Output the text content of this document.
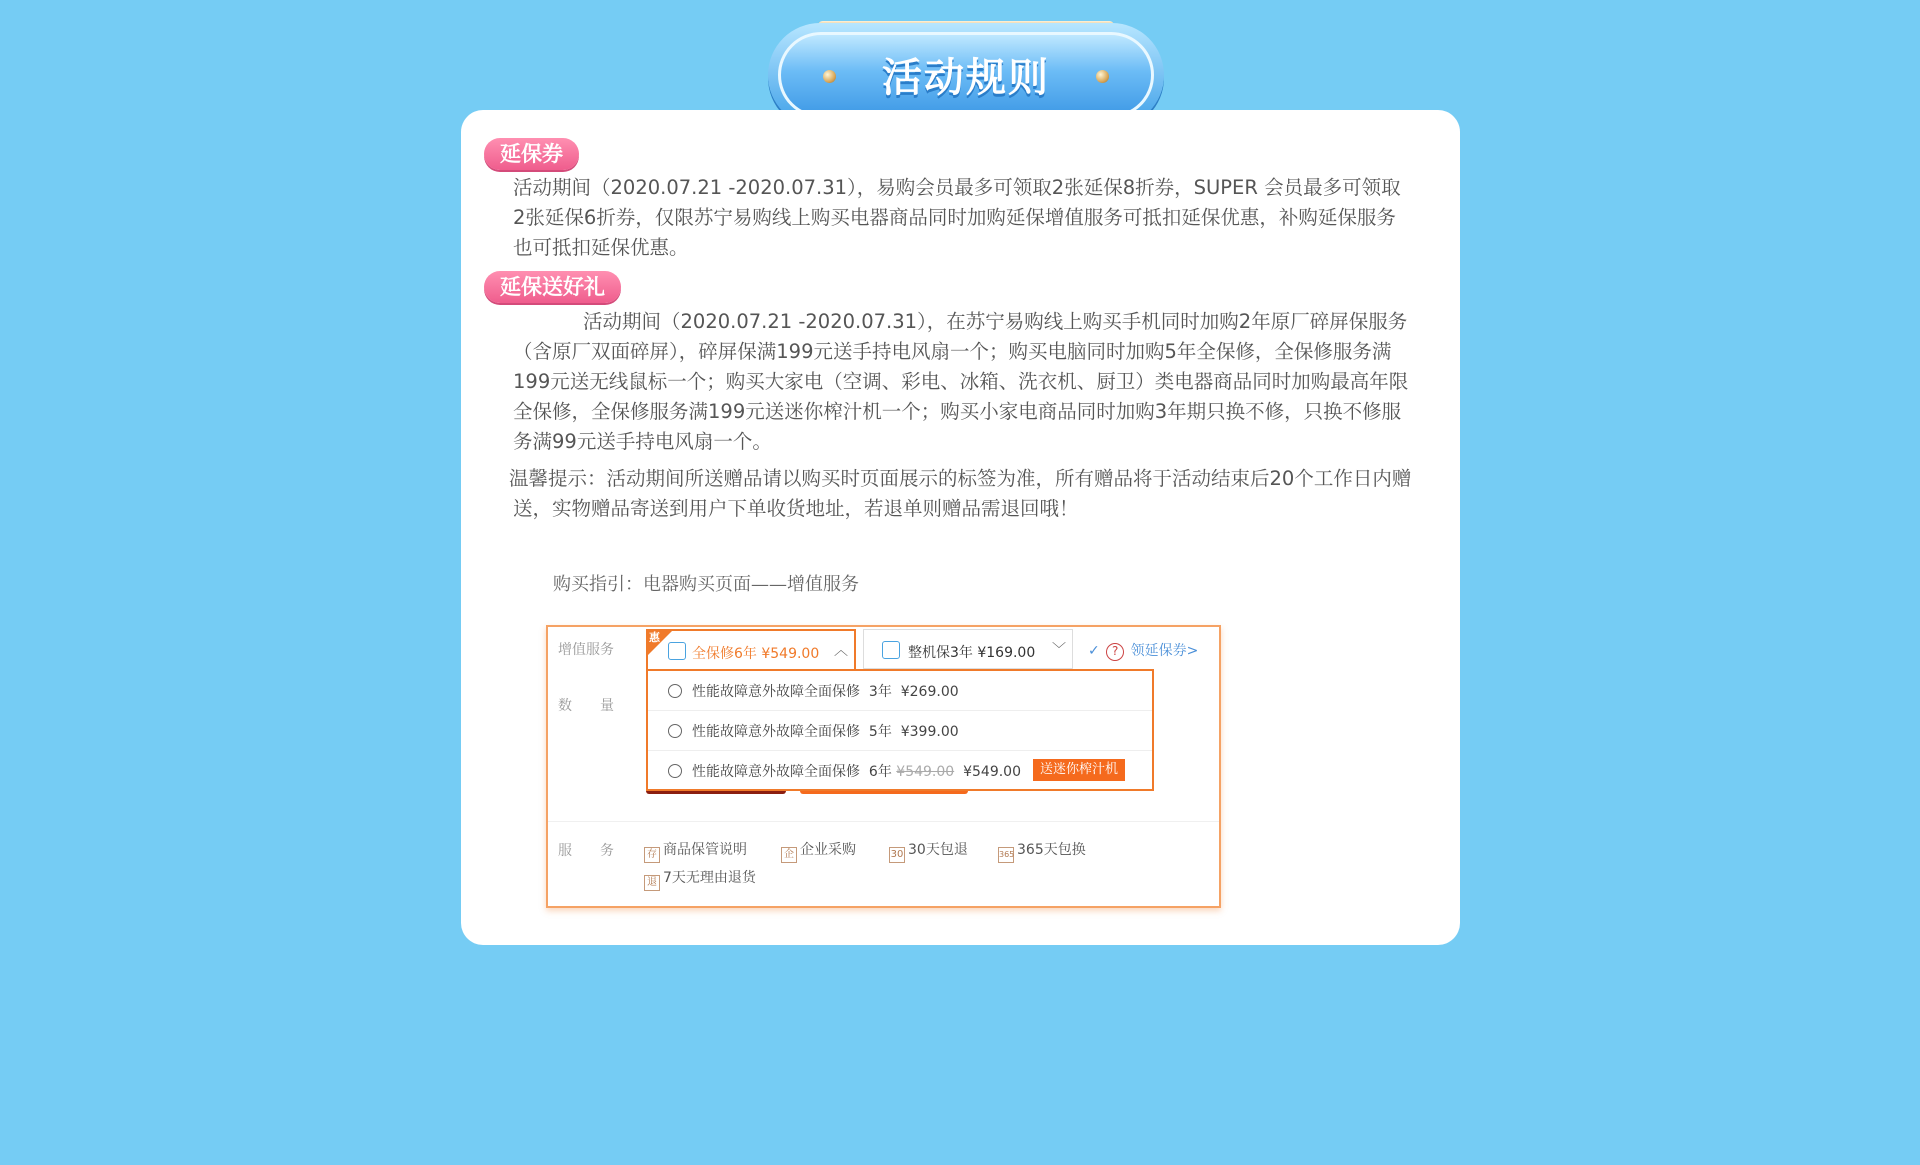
活动规则
延保券
活动期间（2020.07.21 -2020.07.31），易购会员最多可领取2张延保8折券，SUPER 会员最多可领取
2张延保6折券，仅限苏宁易购线上购买电器商品同时加购延保增值服务可抵扣延保优惠，补购延保服务
也可抵扣延保优惠。
延保送好礼
活动期间（2020.07.21 -2020.07.31），在苏宁易购线上购买手机同时加购2年原厂碎屏保服务
（含原厂双面碎屏），碎屏保满199元送手持电风扇一个；购买电脑同时加购5年全保修，全保修服务满
199元送无线鼠标一个；购买大家电（空调、彩电、冰箱、洗衣机、厨卫）类电器商品同时加购最高年限
全保修，全保修服务满199元送迷你榨汁机一个；购买小家电商品同时加购3年期只换不修，只换不修服
务满99元送手持电风扇一个。
温馨提示：活动期间所送赠品请以购买时页面展示的标签为准，所有赠品将于活动结束后20个工作日内赠
送，实物赠品寄送到用户下单收货地址，若退单则赠品需退回哦！
购买指引：电器购买页面——增值服务
增值服务
数　　量
服　　务
惠
全保修6年 ¥549.00 ︿	整机保3年 ¥169.00 ﹀ ✓ ? 领延保券>
性能故障意外故障全面保修 3年 ¥269.00
性能故障意外故障全面保修 5年 ¥399.00
性能故障意外故障全面保修 6年 ¥549.00 ¥549.00	送迷你榨汁机
存 商品保管说明	企 企业采购	30 30天包退	365 365天包换
退 7天无理由退货
